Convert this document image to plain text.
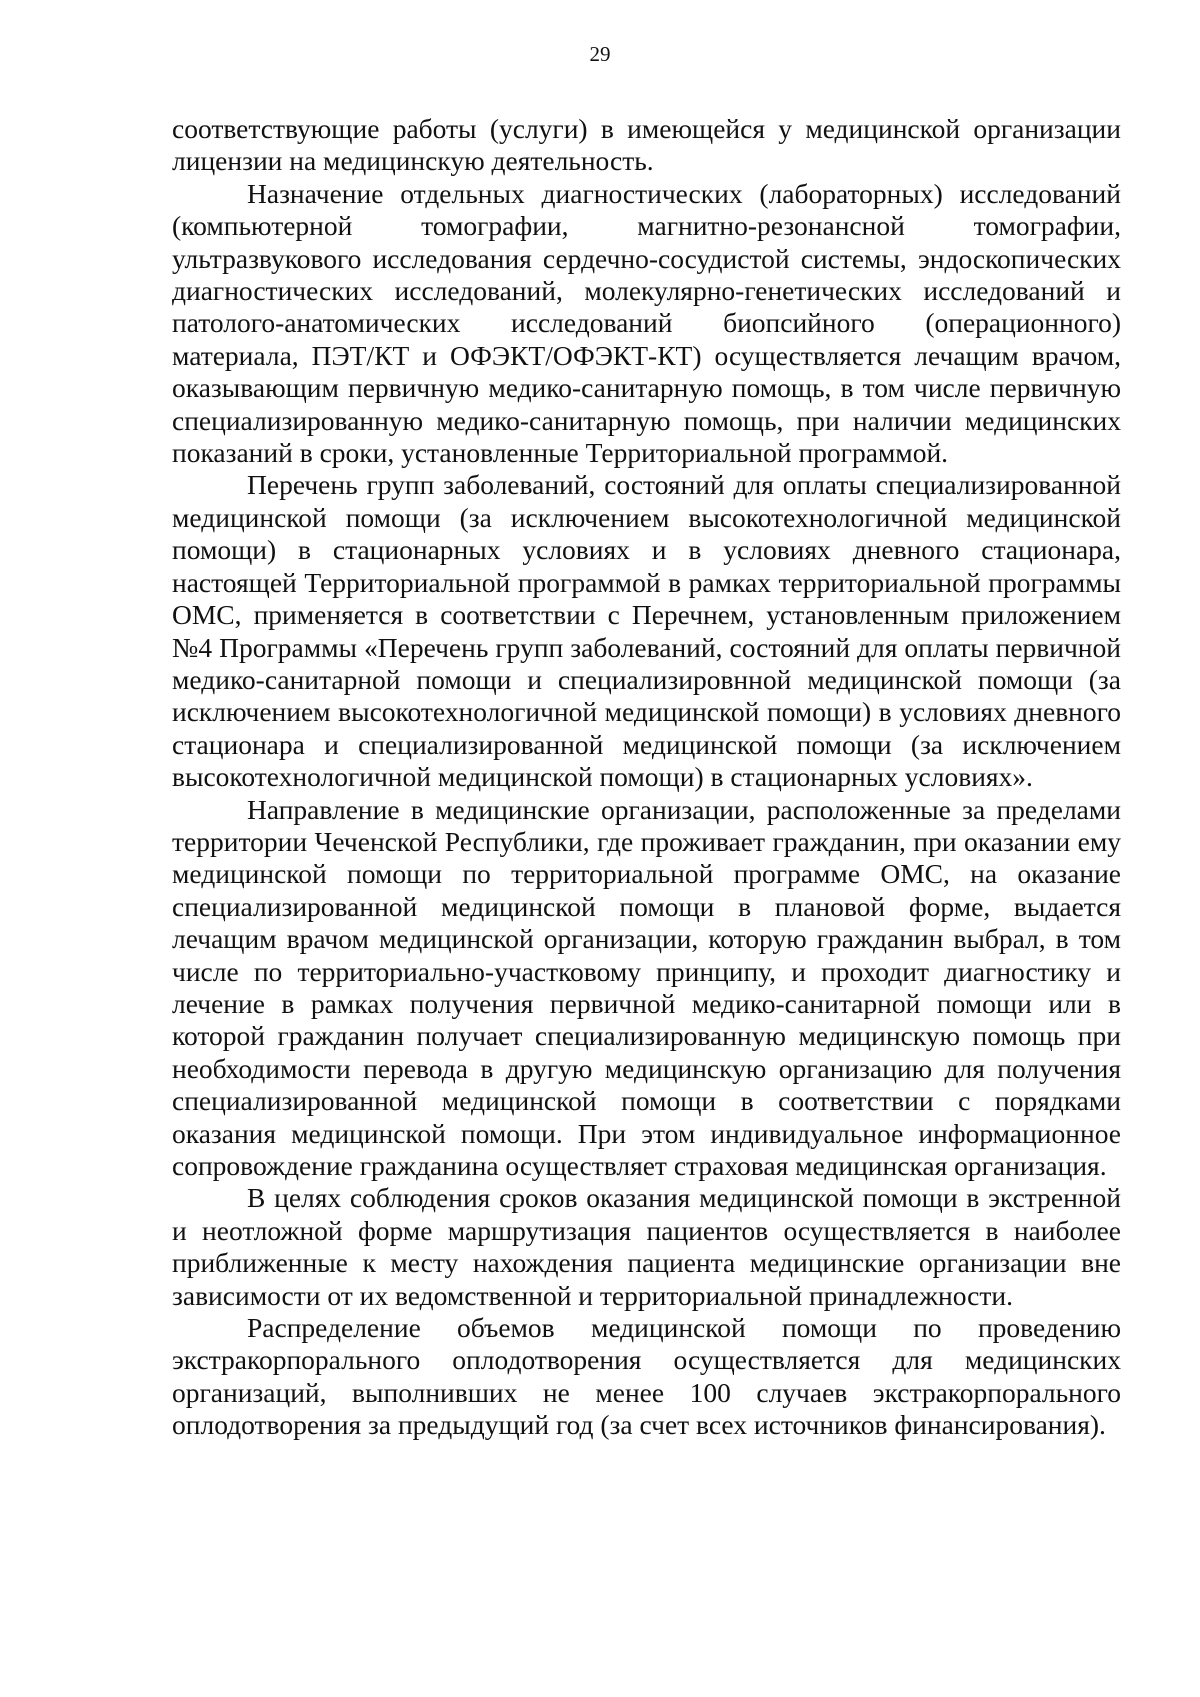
29

соответствующие работы (услуги) в имеющейся у медицинской организации лицензии на медицинскую деятельность.

Назначение отдельных диагностических (лабораторных) исследований (компьютерной томографии, магнитно-резонансной томографии, ультразвукового исследования сердечно-сосудистой системы, эндоскопических диагностических исследований, молекулярно-генетических исследований и патолого-анатомических исследований биопсийного (операционного) материала, ПЭТ/КТ и ОФЭКТ/ОФЭКТ-КТ) осуществляется лечащим врачом, оказывающим первичную медико-санитарную помощь, в том числе первичную специализированную медико-санитарную помощь, при наличии медицинских показаний в сроки, установленные Территориальной программой.

Перечень групп заболеваний, состояний для оплаты специализированной медицинской помощи (за исключением высокотехнологичной медицинской помощи) в стационарных условиях и в условиях дневного стационара, настоящей Территориальной программой в рамках территориальной программы ОМС, применяется в соответствии с Перечнем, установленным приложением №4 Программы «Перечень групп заболеваний, состояний для оплаты первичной медико-санитарной помощи и специализировнной медицинской помощи (за исключением высокотехнологичной медицинской помощи) в условиях дневного стационара и специализированной медицинской помощи (за исключением высокотехнологичной медицинской помощи) в стационарных условиях».

Направление в медицинские организации, расположенные за пределами территории Чеченской Республики, где проживает гражданин, при оказании ему медицинской помощи по территориальной программе ОМС, на оказание специализированной медицинской помощи в плановой форме, выдается лечащим врачом медицинской организации, которую гражданин выбрал, в том числе по территориально-участковому принципу, и проходит диагностику и лечение в рамках получения первичной медико-санитарной помощи или в которой гражданин получает специализированную медицинскую помощь при необходимости перевода в другую медицинскую организацию для получения специализированной медицинской помощи в соответствии с порядками оказания медицинской помощи. При этом индивидуальное информационное сопровождение гражданина осуществляет страховая медицинская организация.

В целях соблюдения сроков оказания медицинской помощи в экстренной и неотложной форме маршрутизация пациентов осуществляется в наиболее приближенные к месту нахождения пациента медицинские организации вне зависимости от их ведомственной и территориальной принадлежности.

Распределение объемов медицинской помощи по проведению экстракорпорального оплодотворения осуществляется для медицинских организаций, выполнивших не менее 100 случаев экстракорпорального оплодотворения за предыдущий год (за счет всех источников финансирования).
